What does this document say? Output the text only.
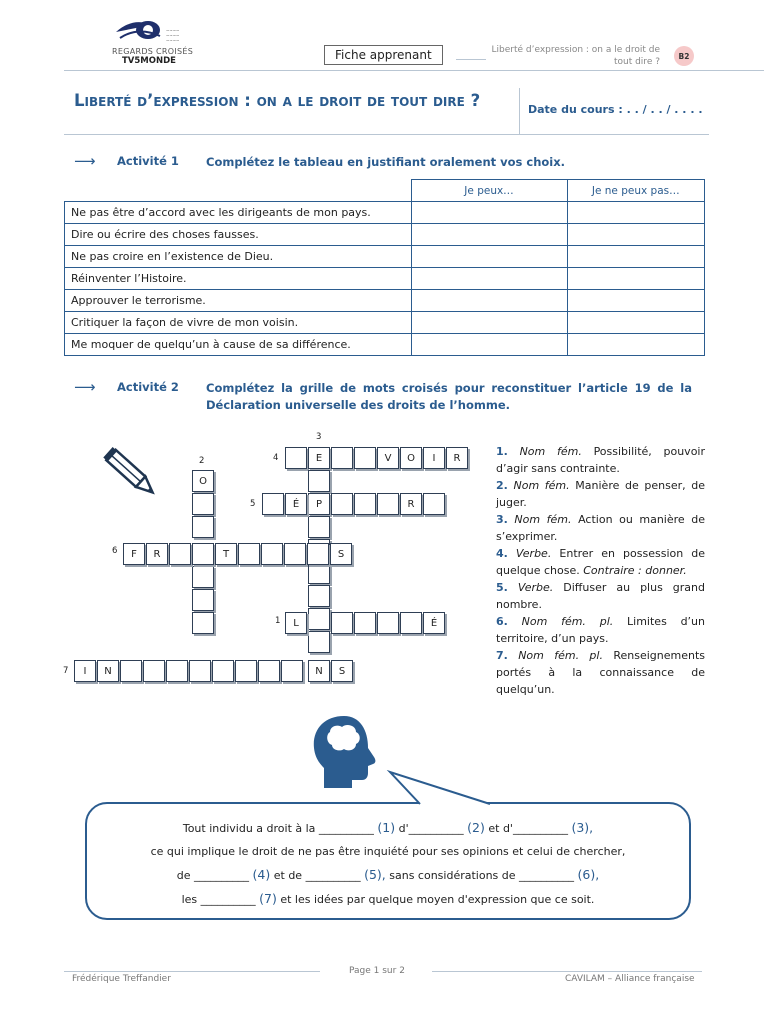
~~~~
~~~~
~~~~
REGARDS CROISÉS
TV5MONDE	Fiche apprenant	Liberté d’expression : on a le droit de tout dire ?
B2
Liberté d’expression : on a le droit de tout dire ?	Date du cours : . . / . . / . . . .
⟶ Activité 1 Complétez le tableau en justifiant oralement vos choix.
	Je peux…	Je ne peux pas…
Ne pas être d’accord avec les dirigeants de mon pays.		
Dire ou écrire des choses fausses.		
Ne pas croire en l’existence de Dieu.		
Réinventer l’Histoire.		
Approuver le terrorisme.		
Critiquer la façon de vivre de mon voisin.		
Me moquer de quelqu’un à cause de sa différence.		
⟶ Activité 2 Complétez la grille de mots croisés pour reconstituer l’article 19 de la Déclaration universelle des droits de l’homme.
4	E	V	O	I	R
3
P
N
5	É	R
2
O
6	F	R	T	S
1	L	É
7	I	N	S
1. Nom fém. Possibilité, pouvoir d’agir sans contrainte.
2. Nom fém. Manière de penser, de juger.
3. Nom fém. Action ou manière de s’exprimer.
4. Verbe. Entrer en possession de quelque chose. Contraire : donner.
5. Verbe. Diffuser au plus grand nombre.
6. Nom fém. pl. Limites d’un territoire, d’un pays.
7. Nom fém. pl. Renseignements portés à la connaissance de quelqu’un.
Tout individu a droit à la __________ (1) d'__________ (2) et d'__________ (3),
ce qui implique le droit de ne pas être inquiété pour ses opinions et celui de chercher,
de __________ (4) et de __________ (5), sans considérations de __________ (6),
les __________ (7) et les idées par quelque moyen d'expression que ce soit.
Frédérique Treffandier
Page 1 sur 2
CAVILAM – Alliance française
